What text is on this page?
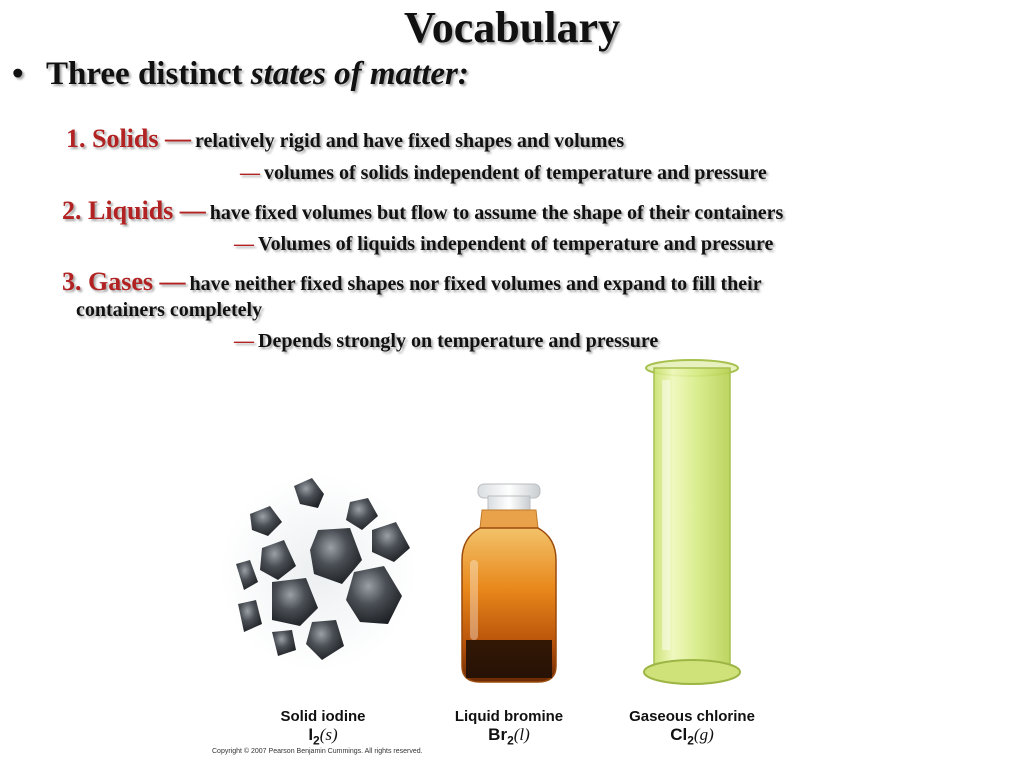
Vocabulary
• Three distinct states of matter:
1. Solids — relatively rigid and have fixed shapes and volumes
— volumes of solids independent of temperature and pressure
2. Liquids — have fixed volumes but flow to assume the shape of their containers
— Volumes of liquids independent of temperature and pressure
3. Gases — have neither fixed shapes nor fixed volumes and expand to fill their
containers completely
— Depends strongly on temperature and pressure
Solid iodine
$I_2(s)$
Liquid bromine
$Br_2(l)$
Gaseous chlorine
$Cl_2(g)$
Copyright © 2007 Pearson Benjamin Cummings. All rights reserved.
